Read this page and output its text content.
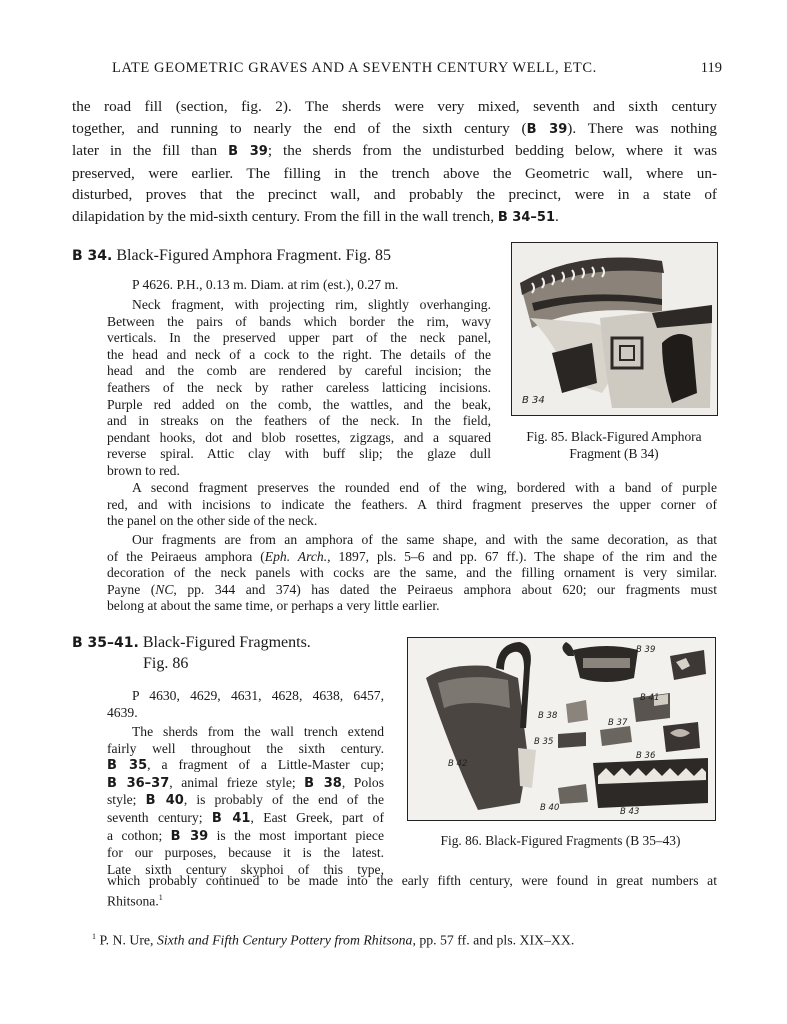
LATE GEOMETRIC GRAVES AND A SEVENTH CENTURY WELL, ETC.	119
the road fill (section, fig. 2). The sherds were very mixed, seventh and sixth century
together, and running to nearly the end of the sixth century (B 39). There was nothing
later in the fill than B 39; the sherds from the undisturbed bedding below, where it was
preserved, were earlier. The filling in the trench above the Geometric wall, where un-
disturbed, proves that the precinct wall, and probably the precinct, were in a state of
dilapidation by the mid-sixth century. From the fill in the wall trench, B 34–51.
B 34. Black-Figured Amphora Fragment. Fig. 85
P 4626. P.H., 0.13 m. Diam. at rim (est.), 0.27 m.
Neck fragment, with projecting rim, slightly overhanging.
Between the pairs of bands which border the rim, wavy
verticals. In the preserved upper part of the neck panel,
the head and neck of a cock to the right. The details of the
head and the comb are rendered by careful incision; the
feathers of the neck by rather careless latticing incisions.
Purple red added on the comb, the wattles, and the beak,
and in streaks on the feathers of the neck. In the field,
pendant hooks, dot and blob rosettes, zigzags, and a squared
reverse spiral. Attic clay with buff slip; the glaze dull
brown to red.
B 34
Fig. 85. Black-Figured Amphora
Fragment (B 34)
A second fragment preserves the rounded end of the wing, bordered with a band of purple
red, and with incisions to indicate the feathers. A third fragment preserves the upper corner of
the panel on the other side of the neck.
Our fragments are from an amphora of the same shape, and with the same decoration, as that
of the Peiraeus amphora (Eph. Arch., 1897, pls. 5–6 and pp. 67 ff.). The shape of the rim and the
decoration of the neck panels with cocks are the same, and the filling ornament is very similar.
Payne (NC, pp. 344 and 374) has dated the Peiraeus amphora about 620; our fragments must
belong at about the same time, or perhaps a very little earlier.
B 35–41. Black-Figured Fragments.
Fig. 86
P 4630, 4629, 4631, 4628, 4638, 6457,
4639.
The sherds from the wall trench extend
fairly well throughout the sixth century.
B 35, a fragment of a Little-Master cup;
B 36–37, animal frieze style; B 38, Polos
style; B 40, is probably of the end of the
seventh century; B 41, East Greek, part of
a cothon; B 39 is the most important piece
for our purposes, because it is the latest.
Late sixth century skyphoi of this type,
which probably continued to be made into the early fifth century, were found in great numbers at
Rhitsona.$^1$
B 42
B 39
B 41
B 38
B 37
B 35
B 36
B 43
B 40
Fig. 86. Black-Figured Fragments (B 35–43)
$^1$ P. N. Ure, Sixth and Fifth Century Pottery from Rhitsona, pp. 57 ff. and pls. XIX–XX.
